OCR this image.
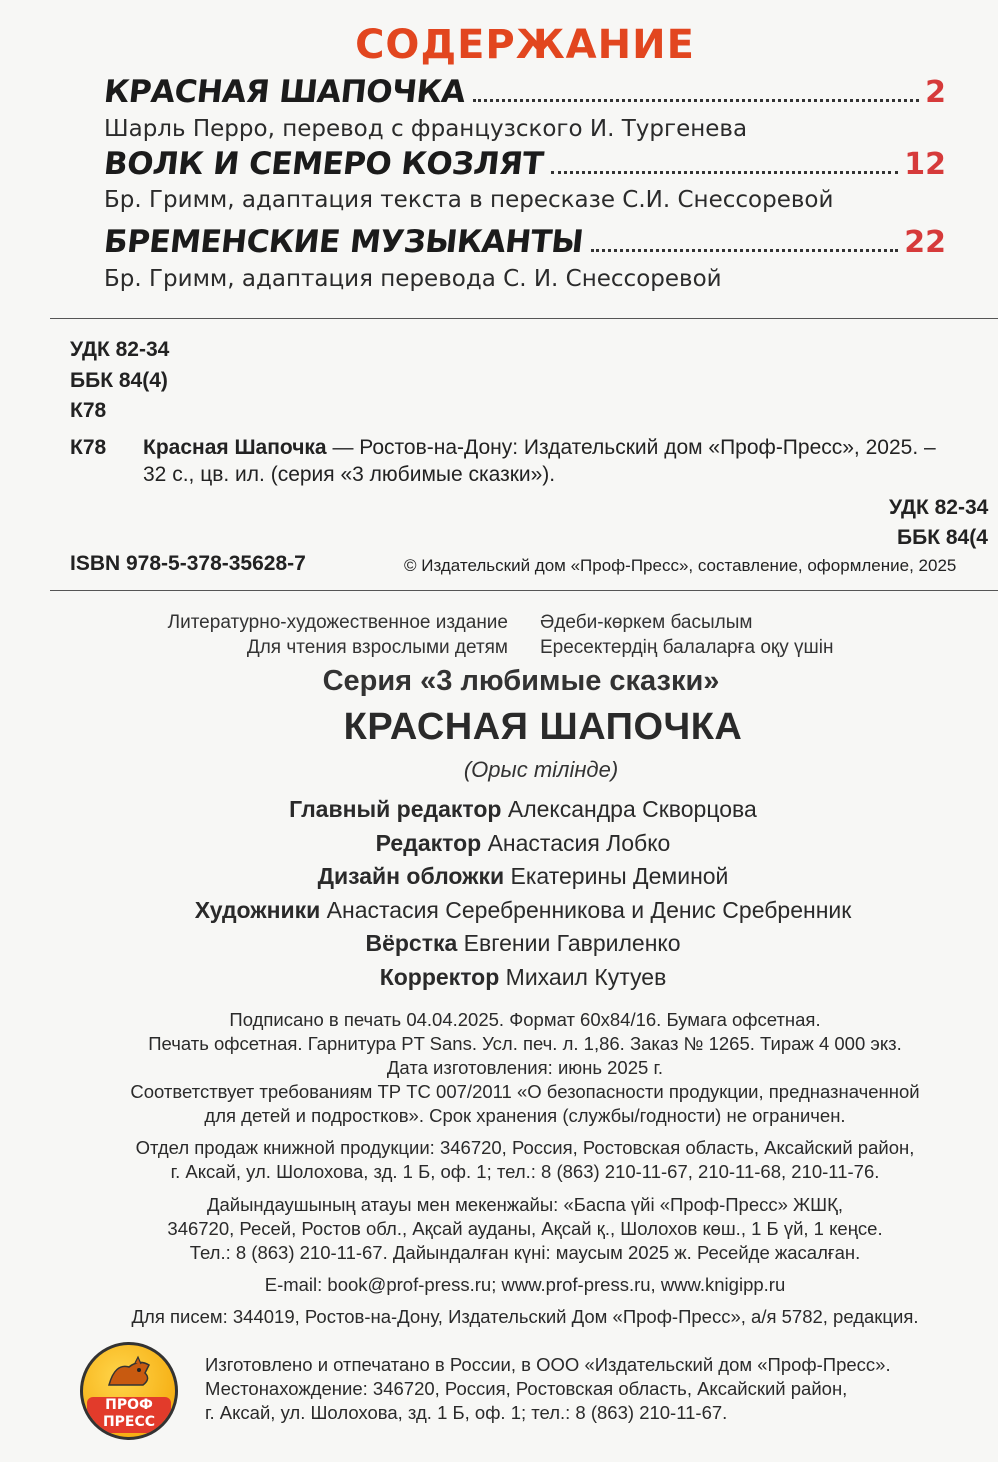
СОДЕРЖАНИЕ
КРАСНАЯ ШАПОЧКА	2
Шарль Перро, перевод с французского И. Тургенева
ВОЛК И СЕМЕРО КОЗЛЯТ	12
Бр. Гримм, адаптация текста в пересказе С.И. Снессоревой
БРЕМЕНСКИЕ МУЗЫКАНТЫ	22
Бр. Гримм, адаптация перевода С. И. Снессоревой
УДК 82-34
ББК 84(4)
К78
К78 Красная Шапочка — Ростов-на-Дону: Издательский дом «Проф-Пресс», 2025. –
32 с., цв. ил. (серия «3 любимые сказки»).
УДК 82-34
ББК 84(4
ISBN 978-5-378-35628-7	© Издательский дом «Проф-Пресс», составление, оформление, 2025
Литературно-художественное издание Әдеби-көркем басылым
Для чтения взрослыми детям Ересектердің балаларға оқу үшін
Серия «3 любимые сказки»
КРАСНАЯ ШАПОЧКА
(Орыс тілінде)
Главный редактор Александра Скворцова
Редактор Анастасия Лобко
Дизайн обложки Екатерины Деминой
Художники Анастасия Серебренникова и Денис Сребренник
Вёрстка Евгении Гавриленко
Корректор Михаил Кутуев
Подписано в печать 04.04.2025. Формат 60х84/16. Бумага офсетная.
Печать офсетная. Гарнитура PT Sans. Усл. печ. л. 1,86. Заказ № 1265. Тираж 4 000 экз.
Дата изготовления: июнь 2025 г.
Соответствует требованиям ТР ТС 007/2011 «О безопасности продукции, предназначенной
для детей и подростков». Срок хранения (службы/годности) не ограничен.
Отдел продаж книжной продукции: 346720, Россия, Ростовская область, Аксайский район,
г. Аксай, ул. Шолохова, зд. 1 Б, оф. 1; тел.: 8 (863) 210-11-67, 210-11-68, 210-11-76.
Дайындаушының атауы мен мекенжайы: «Баспа үйі «Проф-Пресс» ЖШҚ,
346720, Ресей, Ростов обл., Ақсай ауданы, Ақсай қ., Шолохов көш., 1 Б үй, 1 кеңсе.
Тел.: 8 (863) 210-11-67. Дайындалған күні: маусым 2025 ж. Ресейде жасалған.
E-mail: book@prof-press.ru; www.prof-press.ru, www.knigipp.ru
Для писем: 344019, Ростов-на-Дону, Издательский Дом «Проф-Пресс», а/я 5782, редакция.
Изготовлено и отпечатано в России, в ООО «Издательский дом «Проф-Пресс».
Местонахождение: 346720, Россия, Ростовская область, Аксайский район,
г. Аксай, ул. Шолохова, зд. 1 Б, оф. 1; тел.: 8 (863) 210-11-67.
ПРОФ
ПРЕСС
